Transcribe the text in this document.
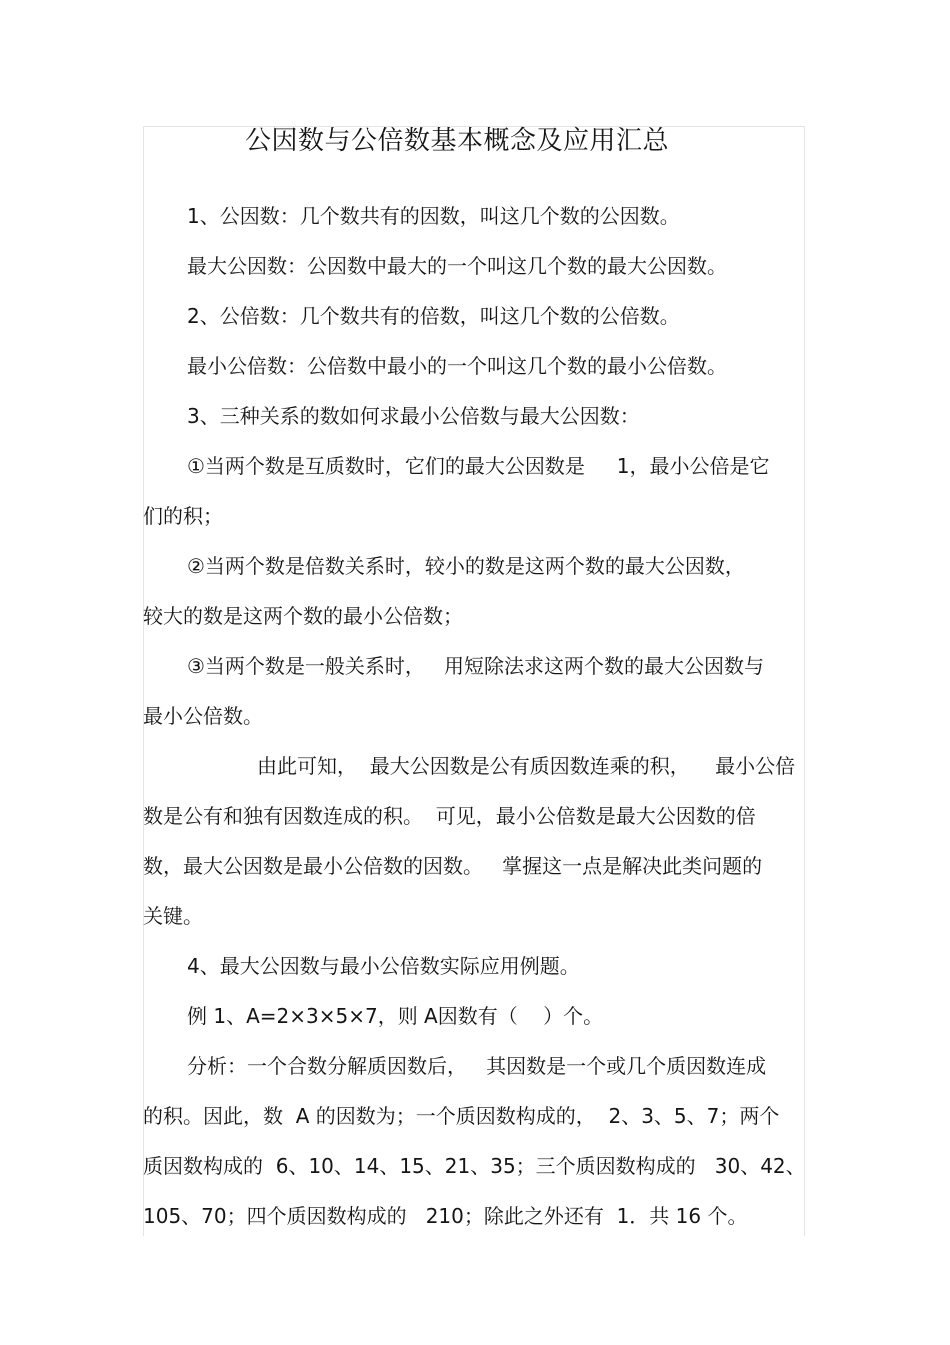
公因数与公倍数基本概念及应用汇总
1、公因数：几个数共有的因数，叫这几个数的公因数。
最大公因数：公因数中最大的一个叫这几个数的最大公因数。
2、公倍数：几个数共有的倍数，叫这几个数的公倍数。
最小公倍数：公倍数中最小的一个叫这几个数的最小公倍数。
3、三种关系的数如何求最小公倍数与最大公因数：
①当两个数是互质数时，它们的最大公因数是     1，最小公倍是它
们的积；
②当两个数是倍数关系时，较小的数是这两个数的最大公因数，
较大的数是这两个数的最小公倍数；
③当两个数是一般关系时，   用短除法求这两个数的最大公因数与
最小公倍数。
由此可知，  最大公因数是公有质因数连乘的积，    最小公倍
数是公有和独有因数连成的积。  可见，最小公倍数是最大公因数的倍
数，最大公因数是最小公倍数的因数。   掌握这一点是解决此类问题的
关键。
4、最大公因数与最小公倍数实际应用例题。
例 1、A=2×3×5×7，则 A因数有（    ）个。
分析：一个合数分解质因数后，   其因数是一个或几个质因数连成
的积。因此，数  A 的因数为；一个质因数构成的，  2、3、5、7；两个
质因数构成的  6、10、14、15、21、35；三个质因数构成的   30、42、
105、70；四个质因数构成的   210；除此之外还有  1．共 16 个。
